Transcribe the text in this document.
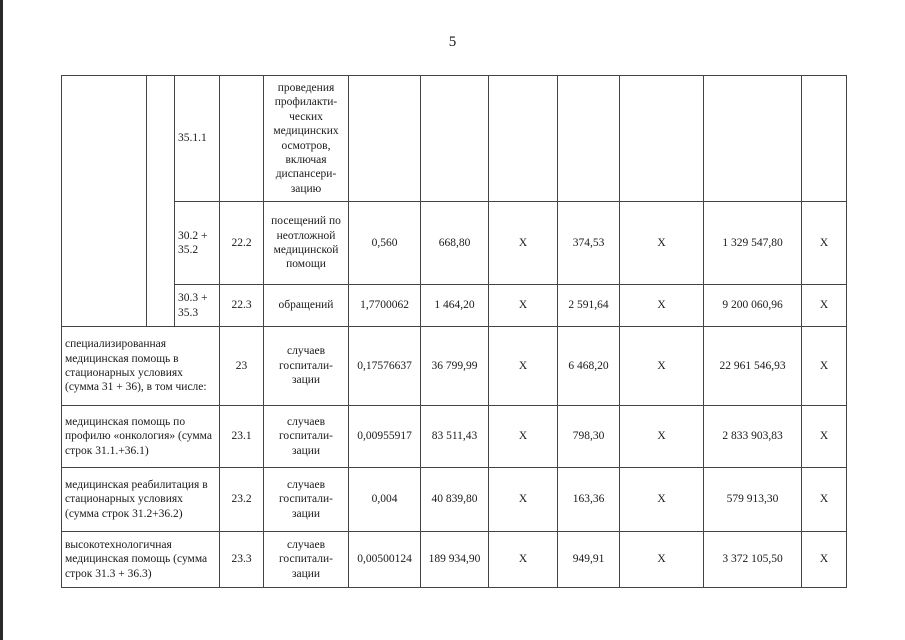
5
		35.1.1		проведения профилакти-ческих медицинских осмотров, включая диспансери-зацию							
		30.2 + 35.2	22.2	посещений по неотложной медицинской помощи	0,560	668,80	X	374,53	X	1 329 547,80	X
		30.3 + 35.3	22.3	обращений	1,7700062	1 464,20	X	2 591,64	X	9 200 060,96	X
специализированная медицинская помощь в стационарных условиях (сумма 31 + 36), в том числе:			23	случаев госпитали-зации	0,17576637	36 799,99	X	6 468,20	X	22 961 546,93	X
медицинская помощь по профилю «онкология» (сумма строк 31.1.+36.1)			23.1	случаев госпитали-зации	0,00955917	83 511,43	X	798,30	X	2 833 903,83	X
медицинская реабилитация в стационарных условиях (сумма строк 31.2+36.2)			23.2	случаев госпитали-зации	0,004	40 839,80	X	163,36	X	579 913,30	X
высокотехнологичная медицинская помощь (сумма строк 31.3 + 36.3)			23.3	случаев госпитали-зации	0,00500124	189 934,90	X	949,91	X	3 372 105,50	X
